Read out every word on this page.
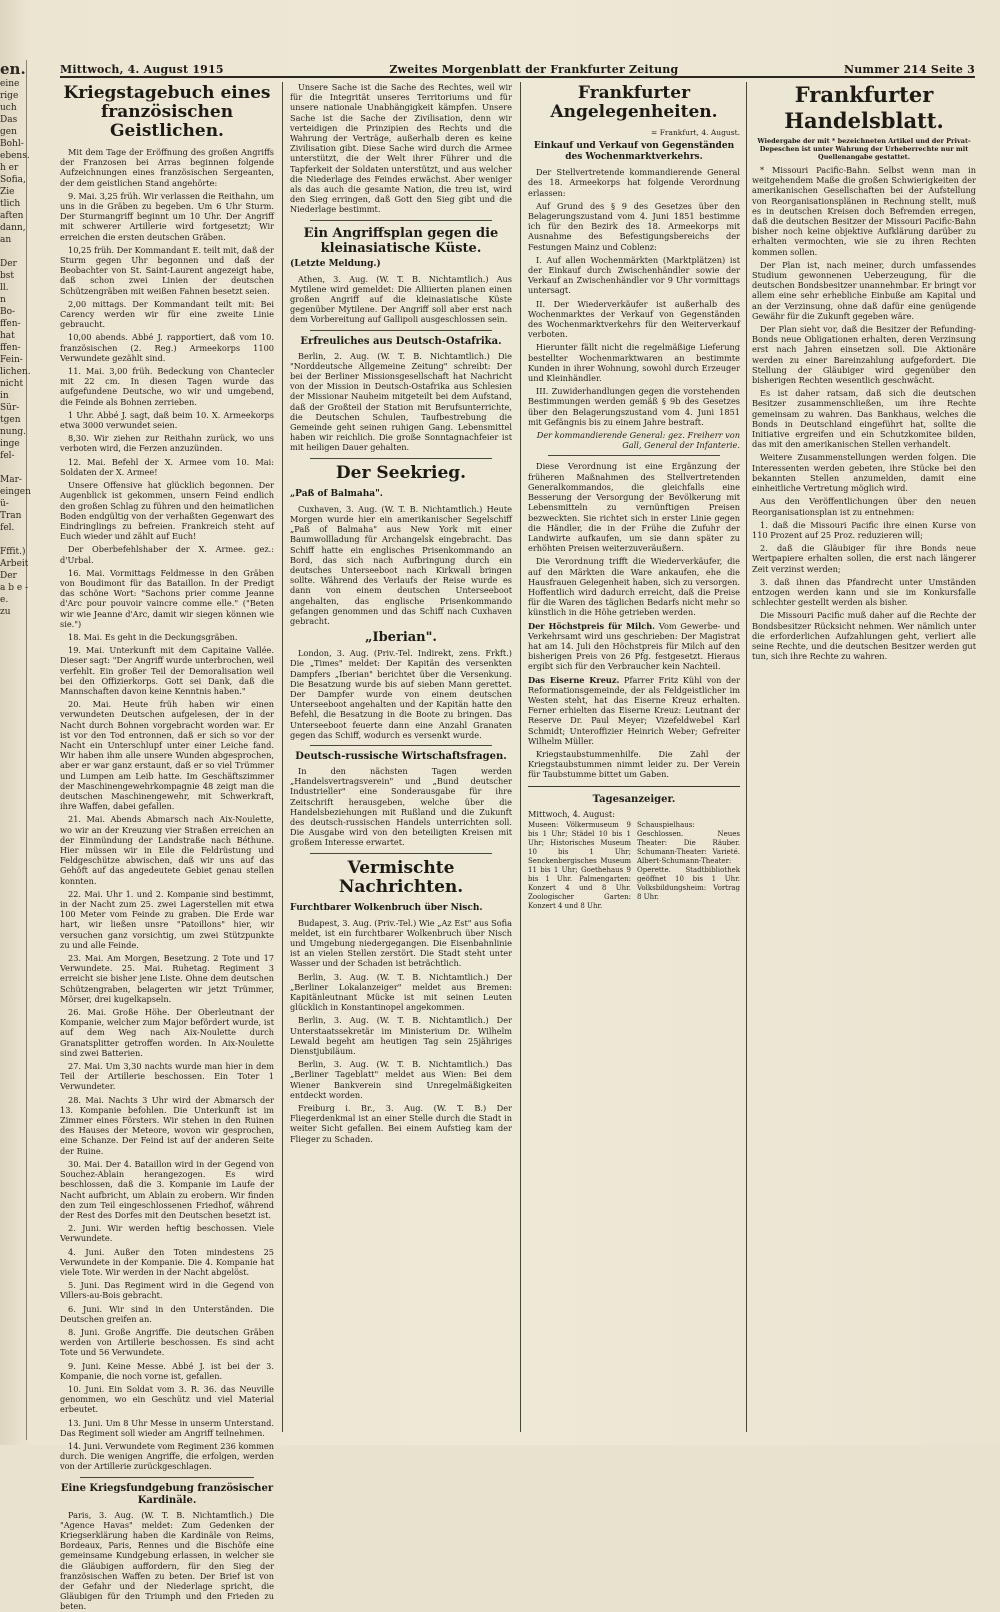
en.
eine
rige
uch
Das
gen
Bohl-
ebens.
h er
Sofia,
Zie
tlich
aften
dann,
an

Der
bst
ll.
n
Bo-
ffen-
hat
ffen-
Fein-
lichen.
nicht
in
Sür-
tgen
nung.
inge
fel-

Mar-
eingen
ü-
Tran
fel.

Fffit.)
Arbeit
Der
a b e -
e.
zu
Mittwoch, 4. August 1915	Zweites Morgenblatt der Frankfurter Zeitung	Nummer 214 Seite 3
Kriegstagebuch eines französischen Geistlichen.

Mit dem Tage der Eröffnung des großen Angriffs der Franzosen bei Arras beginnen folgende Aufzeichnungen eines französischen Sergeanten, der dem geistlichen Stand angehörte:

9. Mai. 3,25 früh. Wir verlassen die Reithahn, um uns in die Gräben zu begeben. Um 6 Uhr Sturm. Der Sturmangriff beginnt um 10 Uhr. Der Angriff mit schwerer Artillerie wird fortgesetzt; Wir erreichen die ersten deutschen Gräben.

10,25 früh. Der Kommandant E. teilt mit, daß der Sturm gegen Uhr begonnen und daß der Beobachter von St. Saint-Laurent angezeigt habe, daß schon zwei Linien der deutschen Schützengräben mit weißen Fahnen besetzt seien.

2,00 mittags. Der Kommandant teilt mit: Bei Carency werden wir für eine zweite Linie gebraucht.

10,00 abends. Abbé J. rapportiert, daß vom 10. französischen (2. Reg.) Armeekorps 1100 Verwundete gezählt sind.

11. Mai. 3,00 früh. Bedeckung von Chantecler mit 22 cm. In diesen Tagen wurde das aufgefundene Deutsche, wo wir und umgebend, die Feinde als Bohnen zerrieben.

1 Uhr. Abbé J. sagt, daß beim 10. X. Armeekorps etwa 3000 verwundet seien.

8,30. Wir ziehen zur Reithahn zurück, wo uns verboten wird, die Ferzen anzuzünden.

12. Mai. Befehl der X. Armee vom 10. Mai: Soldaten der X. Armee!

Unsere Offensive hat glücklich begonnen. Der Augenblick ist gekommen, unsern Feind endlich den großen Schlag zu führen und den heimatlichen Boden endgültig von der verhaßten Gegenwart des Eindringlings zu befreien. Frankreich steht auf Euch wieder und zählt auf Euch!

Der Oberbefehlshaber der X. Armee. gez.: d'Urbal.

16. Mai. Vormittags Feldmesse in den Gräben von Boudimont für das Bataillon. In der Predigt das schöne Wort: "Sachons prier comme Jeanne d'Arc pour pouvoir vaincre comme elle." ("Beten wir wie Jeanne d'Arc, damit wir siegen können wie sie.")

18. Mai. Es geht in die Deckungsgräben.

19. Mai. Unterkunft mit dem Capitaine Vallée. Dieser sagt: "Der Angriff wurde unterbrochen, weil verfehlt. Ein großer Teil der Demoralisation weil bei den Offizierkorps. Gott sei Dank, daß die Mannschaften davon keine Kenntnis haben."

20. Mai. Heute früh haben wir einen verwundeten Deutschen aufgelesen, der in der Nacht durch Bohnen vorgebracht worden war. Er ist vor den Tod entronnen, daß er sich so vor der Nacht ein Unterschlupf unter einer Leiche fand. Wir haben ihm alle unsere Wunden abgesprochen, aber er war ganz erstaunt, daß er so viel Trümmer und Lumpen am Leib hatte. Im Geschäftszimmer der Maschinengewehrkompagnie 48 zeigt man die deutschen Maschinengewehr, mit Schwerkraft, ihre Waffen, dabei gefallen.

21. Mai. Abends Abmarsch nach Aix-Noulette, wo wir an der Kreuzung vier Straßen erreichen an der Einmündung der Landstraße nach Béthune. Hier müssen wir in Eile die Feldrüstung und Feldgeschütze abwischen, daß wir uns auf das Gehöft auf das angedeutete Gebiet genau stellen konnten.

22. Mai. Uhr 1. und 2. Kompanie sind bestimmt, in der Nacht zum 25. zwei Lagerstellen mit etwa 100 Meter vom Feinde zu graben. Die Erde war hart, wir ließen unsre "Patoillons" hier, wir versuchen ganz vorsichtig, um zwei Stützpunkte zu und alle Feinde.

23. Mai. Am Morgen, Besetzung. 2 Tote und 17 Verwundete. 25. Mai. Ruhetag. Regiment 3 erreicht sie bisher jene Liste. Ohne dem deutschen Schützengraben, belagerten wir jetzt Trümmer, Mörser, drei kugelkapseln.

26. Mai. Große Höhe. Der Oberleutnant der Kompanie, welcher zum Major befördert wurde, ist auf dem Weg nach Aix-Noulette durch Granatsplitter getroffen worden. In Aix-Noulette sind zwei Batterien.

27. Mai. Um 3,30 nachts wurde man hier in dem Teil der Artillerie beschossen. Ein Toter 1 Verwundeter.

28. Mai. Nachts 3 Uhr wird der Abmarsch der 13. Kompanie befohlen. Die Unterkunft ist im Zimmer eines Försters. Wir stehen in den Ruinen des Hauses der Meteore, wovon wir gesprochen, eine Schanze. Der Feind ist auf der anderen Seite der Ruine.

30. Mai. Der 4. Bataillon wird in der Gegend von Souchez-Ablain herangezogen. Es wird beschlossen, daß die 3. Kompanie im Laufe der Nacht aufbricht, um Ablain zu erobern. Wir finden den zum Teil eingeschlossenen Friedhof, während der Rest des Dorfes mit den Deutschen besetzt ist.

2. Juni. Wir werden heftig beschossen. Viele Verwundete.

4. Juni. Außer den Toten mindestens 25 Verwundete in der Kompanie. Die 4. Kompanie hat viele Tote. Wir werden in der Nacht abgelöst.

5. Juni. Das Regiment wird in die Gegend von Villers-au-Bois gebracht.

6. Juni. Wir sind in den Unterständen. Die Deutschen greifen an.

8. Juni. Große Angriffe. Die deutschen Gräben werden von Artillerie beschossen. Es sind acht Tote und 56 Verwundete.

9. Juni. Keine Messe. Abbé J. ist bei der 3. Kompanie, die noch vorne ist, gefallen.

10. Juni. Ein Soldat vom 3. R. 36. das Neuville genommen, wo ein Geschütz und viel Material erbeutet.

13. Juni. Um 8 Uhr Messe in unserm Unterstand. Das Regiment soll wieder am Angriff teilnehmen.

14. Juni. Verwundete vom Regiment 236 kommen durch. Die wenigen Angriffe, die erfolgen, werden von der Artillerie zurückgeschlagen.

Eine Kriegsfundgebung französischer Kardinäle.

Paris, 3. Aug. (W. T. B. Nichtamtlich.) Die "Agence Havas" meldet: Zum Gedenken der Kriegserklärung haben die Kardinäle von Reims, Bordeaux, Paris, Rennes und die Bischöfe eine gemeinsame Kundgebung erlassen, in welcher sie die Gläubigen auffordern, für den Sieg der französischen Waffen zu beten. Der Brief ist von der Gefahr und der Niederlage spricht, die Gläubigen für den Triumph und den Frieden zu beten.

Unsere Sache ist die Sache des Rechtes, weil wir für die Integrität unseres Territoriums und für unsere nationale Unabhängigkeit kämpfen. Unsere Sache ist die Sache der Zivilisation, denn wir verteidigen die Prinzipien des Rechts und die Wahrung der Verträge, außerhalb deren es keine Zivilisation gibt. Diese Sache wird durch die Armee unterstützt, die der Welt ihrer Führer und die Tapferkeit der Soldaten unterstützt, und aus welcher die Niederlage des Feindes erwächst. Aber weniger als das auch die gesamte Nation, die treu ist, wird den Sieg erringen, daß Gott den Sieg gibt und die Niederlage bestimmt.

Ein Angriffsplan gegen die kleinasiatische Küste.
(Letzte Meldung.)

Athen, 3. Aug. (W. T. B. Nichtamtlich.) Aus Mytilene wird gemeldet: Die Alliierten planen einen großen Angriff auf die kleinasiatische Küste gegenüber Mytilene. Der Angriff soll aber erst nach dem Vorbereitung auf Gallipoli ausgeschlossen sein.

Erfreuliches aus Deutsch-Ostafrika.

Berlin, 2. Aug. (W. T. B. Nichtamtlich.) Die "Norddeutsche Allgemeine Zeitung" schreibt: Der bei der Berliner Missionsgesellschaft hat Nachricht von der Mission in Deutsch-Ostafrika aus Schlesien der Missionar Nauheim mitgeteilt bei dem Aufstand, daß der Großteil der Station mit Berufsunterrichte, die Deutschen Schulen, Taufbestrebung die Gemeinde geht seinen ruhigen Gang. Lebensmittel haben wir reichlich. Die große Sonntagnachfeier ist mit heiligen Dauer gehalten.

Der Seekrieg.
„Paß of Balmaha".

Cuxhaven, 3. Aug. (W. T. B. Nichtamtlich.) Heute Morgen wurde hier ein amerikanischer Segelschiff „Paß of Balmaha" aus New York mit einer Baumwollladung für Archangelsk eingebracht. Das Schiff hatte ein englisches Prisenkommando an Bord, das sich nach Aufbringung durch ein deutsches Unterseeboot nach Kirkwall bringen sollte. Während des Verlaufs der Reise wurde es dann von einem deutschen Unterseeboot angehalten, das englische Prisenkommando gefangen genommen und das Schiff nach Cuxhaven gebracht.

„Iberian".

London, 3. Aug. (Priv.-Tel. Indirekt, zens. Frkft.) Die „Times" meldet: Der Kapitän des versenkten Dampfers „Iberian" berichtet über die Versenkung. Die Besatzung wurde bis auf sieben Mann gerettet. Der Dampfer wurde von einem deutschen Unterseeboot angehalten und der Kapitän hatte den Befehl, die Besatzung in die Boote zu bringen. Das Unterseeboot feuerte dann eine Anzahl Granaten gegen das Schiff, wodurch es versenkt wurde.

Deutsch-russische Wirtschaftsfragen.

In den nächsten Tagen werden „Handelsvertragsverein" und „Bund deutscher Industrieller" eine Sonderausgabe für ihre Zeitschrift herausgeben, welche über die Handelsbeziehungen mit Rußland und die Zukunft des deutsch-russischen Handels unterrichten soll. Die Ausgabe wird von den beteiligten Kreisen mit großem Interesse erwartet.

Vermischte Nachrichten.
Furchtbarer Wolkenbruch über Nisch.

Budapest, 3. Aug. (Priv.-Tel.) Wie „Az Est" aus Sofia meldet, ist ein furchtbarer Wolkenbruch über Nisch und Umgebung niedergegangen. Die Eisenbahnlinie ist an vielen Stellen zerstört. Die Stadt steht unter Wasser und der Schaden ist beträchtlich.

Berlin, 3. Aug. (W. T. B. Nichtamtlich.) Der „Berliner Lokalanzeiger" meldet aus Bremen: Kapitänleutnant Mücke ist mit seinen Leuten glücklich in Konstantinopel angekommen.

Berlin, 3. Aug. (W. T. B. Nichtamtlich.) Der Unterstaatssekretär im Ministerium Dr. Wilhelm Lewald begeht am heutigen Tag sein 25jähriges Dienstjubiläum.

Berlin, 3. Aug. (W. T. B. Nichtamtlich.) Das „Berliner Tageblatt" meldet aus Wien: Bei dem Wiener Bankverein sind Unregelmäßigkeiten entdeckt worden.

Freiburg i. Br., 3. Aug. (W. T. B.) Der Fliegerdenkmal ist an einer Stelle durch die Stadt in weiter Sicht gefallen. Bei einem Aufstieg kam der Flieger zu Schaden.

Frankfurter Angelegenheiten.
= Frankfurt, 4. August.
Einkauf und Verkauf von Gegenständen des Wochenmarktverkehrs.

Der Stellvertretende kommandierende General des 18. Armeekorps hat folgende Verordnung erlassen:

Auf Grund des § 9 des Gesetzes über den Belagerungszustand vom 4. Juni 1851 bestimme ich für den Bezirk des 18. Armeekorps mit Ausnahme des Befestigungsbereichs der Festungen Mainz und Coblenz:

I. Auf allen Wochenmärkten (Marktplätzen) ist der Einkauf durch Zwischenhändler sowie der Verkauf an Zwischenhändler vor 9 Uhr vormittags untersagt.

II. Der Wiederverkäufer ist außerhalb des Wochenmarktes der Verkauf von Gegenständen des Wochenmarktverkehrs für den Weiterverkauf verboten.

Hierunter fällt nicht die regelmäßige Lieferung bestellter Wochenmarktwaren an bestimmte Kunden in ihrer Wohnung, sowohl durch Erzeuger und Kleinhändler.

III. Zuwiderhandlungen gegen die vorstehenden Bestimmungen werden gemäß § 9b des Gesetzes über den Belagerungszustand vom 4. Juni 1851 mit Gefängnis bis zu einem Jahre bestraft.

Der kommandierende General: gez. Freiherr von Gall, General der Infanterie.

Diese Verordnung ist eine Ergänzung der früheren Maßnahmen des Stellvertretenden Generalkommandos, die gleichfalls eine Besserung der Versorgung der Bevölkerung mit Lebensmitteln zu vernünftigen Preisen bezweckten. Sie richtet sich in erster Linie gegen die Händler, die in der Frühe die Zufuhr der Landwirte aufkaufen, um sie dann später zu erhöhten Preisen weiterzuveräußern.

Die Verordnung trifft die Wiederverkäufer, die auf den Märkten die Ware ankaufen, ehe die Hausfrauen Gelegenheit haben, sich zu versorgen. Hoffentlich wird dadurch erreicht, daß die Preise für die Waren des täglichen Bedarfs nicht mehr so künstlich in die Höhe getrieben werden.

Der Höchstpreis für Milch. Vom Gewerbe- und Verkehrsamt wird uns geschrieben: Der Magistrat hat am 14. Juli den Höchstpreis für Milch auf den bisherigen Preis von 26 Pfg. festgesetzt. Hieraus ergibt sich für den Verbraucher kein Nachteil.

Das Eiserne Kreuz. Pfarrer Fritz Kühl von der Reformationsgemeinde, der als Feldgeistlicher im Westen steht, hat das Eiserne Kreuz erhalten. Ferner erhielten das Eiserne Kreuz: Leutnant der Reserve Dr. Paul Meyer; Vizefeldwebel Karl Schmidt; Unteroffizier Heinrich Weber; Gefreiter Wilhelm Müller.

Kriegstaubstummenhilfe. Die Zahl der Kriegstaubstummen nimmt leider zu. Der Verein für Taubstumme bittet um Gaben.

Tagesanzeiger.

Mittwoch, 4. August:

Museen: Völkermuseum 9 bis 1 Uhr; Städel 10 bis 1 Uhr; Historisches Museum 10 bis 1 Uhr; Senckenbergisches Museum 11 bis 1 Uhr; Goethehaus 9 bis 1 Uhr. Palmengarten: Konzert 4 und 8 Uhr. Zoologischer Garten: Konzert 4 und 8 Uhr.
Schauspielhaus: Geschlossen. Neues Theater: Die Räuber. Schumann-Theater: Varieté. Albert-Schumann-Theater: Operette. Stadtbibliothek geöffnet 10 bis 1 Uhr. Volksbildungsheim: Vortrag 8 Uhr.
Frankfurter Handelsblatt.
Wiedergabe der mit * bezeichneten Artikel und der Privat-Depeschen ist unter Wahrung der Urheberrechte nur mit Quellenangabe gestattet.

* Missouri Pacific-Bahn. Selbst wenn man in weitgehendem Maße die großen Schwierigkeiten der amerikanischen Gesellschaften bei der Aufstellung von Reorganisationsplänen in Rechnung stellt, muß es in deutschen Kreisen doch Befremden erregen, daß die deutschen Besitzer der Missouri Pacific-Bahn bisher noch keine objektive Aufklärung darüber zu erhalten vermochten, wie sie zu ihren Rechten kommen sollen.

Der Plan ist, nach meiner, durch umfassendes Studium gewonnenen Ueberzeugung, für die deutschen Bondsbesitzer unannehmbar. Er bringt vor allem eine sehr erhebliche Einbuße am Kapital und an der Verzinsung, ohne daß dafür eine genügende Gewähr für die Zukunft gegeben wäre.

Der Plan sieht vor, daß die Besitzer der Refunding-Bonds neue Obligationen erhalten, deren Verzinsung erst nach Jahren einsetzen soll. Die Aktionäre werden zu einer Bareinzahlung aufgefordert. Die Stellung der Gläubiger wird gegenüber den bisherigen Rechten wesentlich geschwächt.

Es ist daher ratsam, daß sich die deutschen Besitzer zusammenschließen, um ihre Rechte gemeinsam zu wahren. Das Bankhaus, welches die Bonds in Deutschland eingeführt hat, sollte die Initiative ergreifen und ein Schutzkomitee bilden, das mit den amerikanischen Stellen verhandelt.

Weitere Zusammenstellungen werden folgen. Die Interessenten werden gebeten, ihre Stücke bei den bekannten Stellen anzumelden, damit eine einheitliche Vertretung möglich wird.

Aus den Veröffentlichungen über den neuen Reorganisationsplan ist zu entnehmen:

1. daß die Missouri Pacific ihre einen Kurse von 110 Prozent auf 25 Proz. reduzieren will;

2. daß die Gläubiger für ihre Bonds neue Wertpapiere erhalten sollen, die erst nach längerer Zeit verzinst werden;

3. daß ihnen das Pfandrecht unter Umständen entzogen werden kann und sie im Konkursfalle schlechter gestellt werden als bisher.

Die Missouri Pacific muß daher auf die Rechte der Bondsbesitzer Rücksicht nehmen. Wer nämlich unter die erforderlichen Aufzahlungen geht, verliert alle seine Rechte, und die deutschen Besitzer werden gut tun, sich ihre Rechte zu wahren.
